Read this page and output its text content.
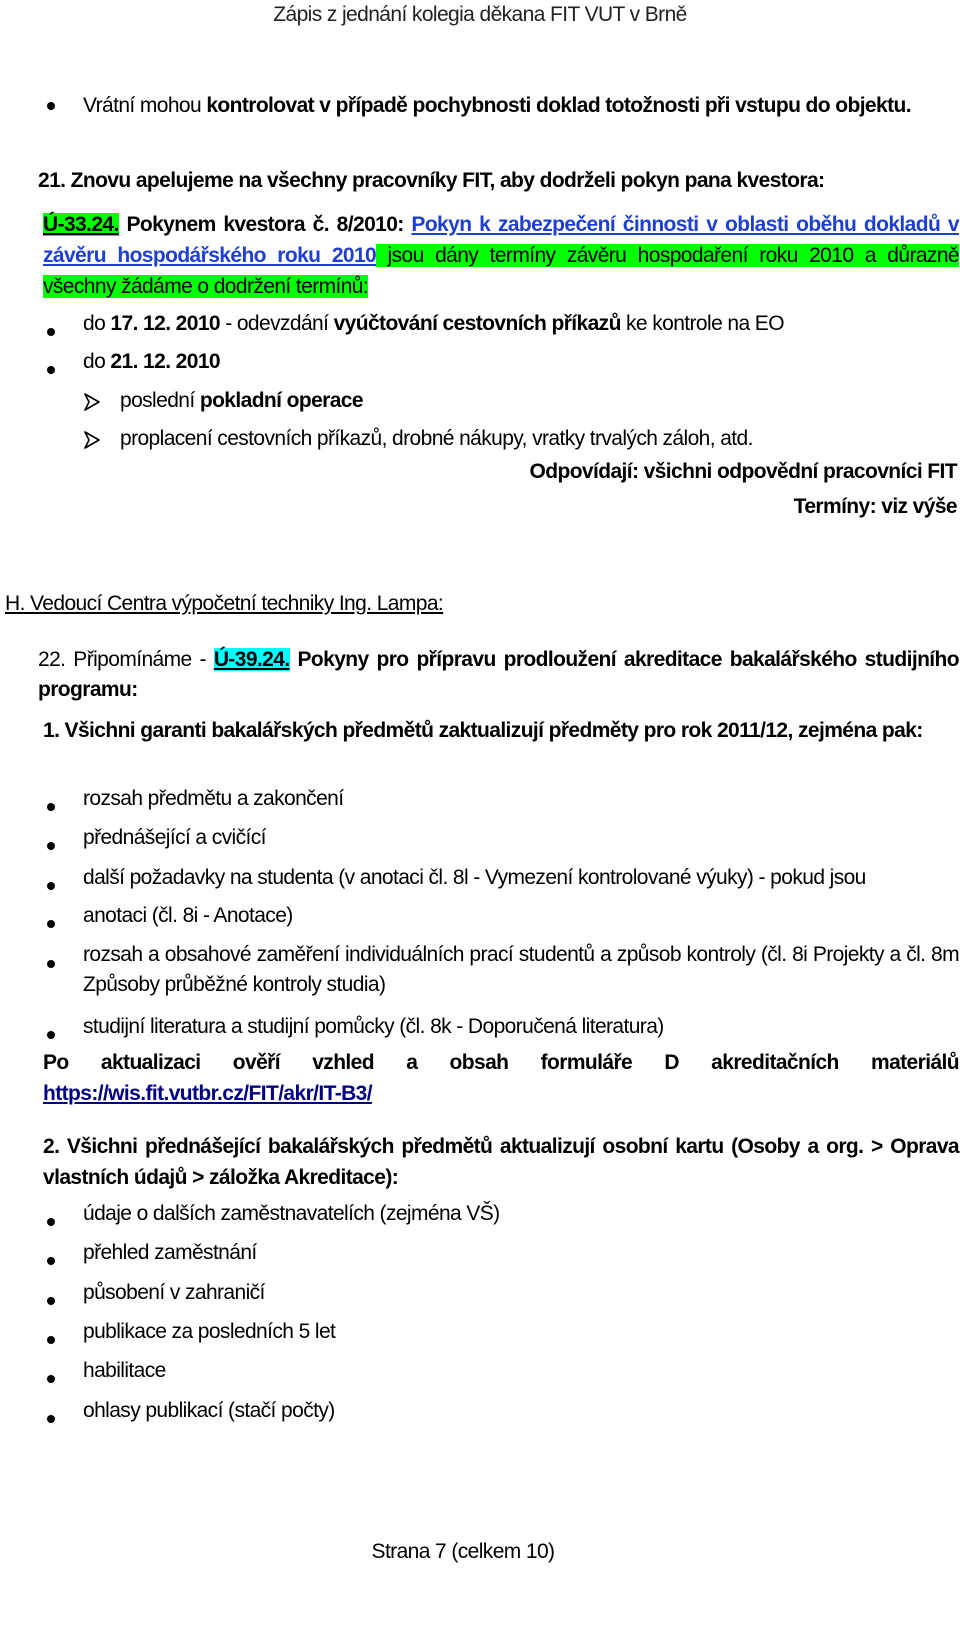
Zápis z jednání kolegia děkana FIT VUT v Brně
Vrátní mohou kontrolovat v případě pochybnosti doklad totožnosti při vstupu do objektu.
21. Znovu apelujeme na všechny pracovníky FIT, aby dodrželi pokyn pana kvestora:
Ú-33.24. Pokynem kvestora č. 8/2010: Pokyn k zabezpečení činnosti v oblasti oběhu dokladů v závěru hospodářského roku 2010 jsou dány termíny závěru hospodaření roku 2010 a důrazně všechny žádáme o dodržení termínů:
do 17. 12. 2010 - odevzdání vyúčtování cestovních příkazů ke kontrole na EO
do 21. 12. 2010
poslední pokladní operace
proplacení cestovních příkazů, drobné nákupy, vratky trvalých záloh, atd.
Odpovídají: všichni odpovědní pracovníci FIT
Termíny: viz výše
H. Vedoucí Centra výpočetní techniky Ing. Lampa:
22. Připomínáme - Ú-39.24. Pokyny pro přípravu prodloužení akreditace bakalářského studijního programu:
1. Všichni garanti bakalářských předmětů zaktualizují předměty pro rok 2011/12, zejména pak:
rozsah předmětu a zakončení
přednášející a cvičící
další požadavky na studenta (v anotaci čl. 8l - Vymezení kontrolované výuky) - pokud jsou
anotaci (čl. 8i - Anotace)
rozsah a obsahové zaměření individuálních prací studentů a způsob kontroly (čl. 8i Projekty a čl. 8m Způsoby průběžné kontroly studia)
studijní literatura a studijní pomůcky (čl. 8k - Doporučená literatura)
Po aktualizaci ověří vzhled a obsah formuláře D akreditačních materiálů https://wis.fit.vutbr.cz/FIT/akr/IT-B3/
2. Všichni přednášející bakalářských předmětů aktualizují osobní kartu (Osoby a org. > Oprava vlastních údajů > záložka Akreditace):
údaje o dalších zaměstnavatelích (zejména VŠ)
přehled zaměstnání
působení v zahraničí
publikace za posledních 5 let
habilitace
ohlasy publikací (stačí počty)
Strana 7 (celkem 10)
